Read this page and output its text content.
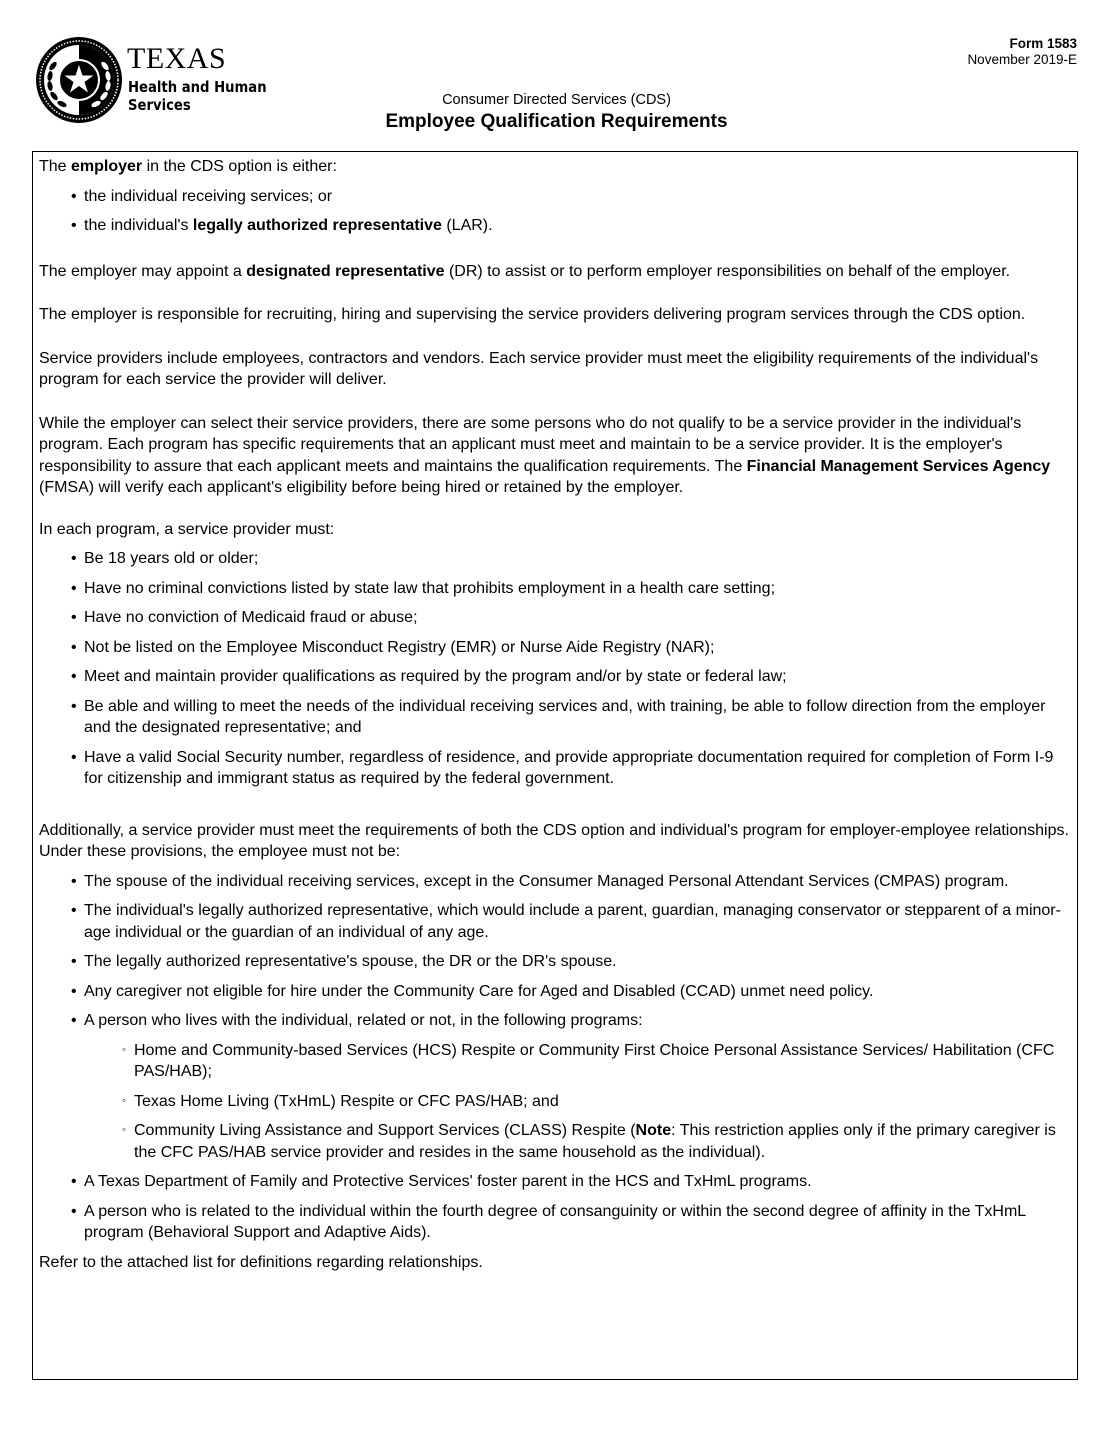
TEXAS
Health and Human
Services
Form 1583
November 2019-E
Consumer Directed Services (CDS)
Employee Qualification Requirements

The employer in the CDS option is either:

• the individual receiving services; or
• the individual's legally authorized representative (LAR).

The employer may appoint a designated representative (DR) to assist or to perform employer responsibilities on behalf of the employer.

The employer is responsible for recruiting, hiring and supervising the service providers delivering program services through the CDS option.

Service providers include employees, contractors and vendors. Each service provider must meet the eligibility requirements of the individual's program for each service the provider will deliver.

While the employer can select their service providers, there are some persons who do not qualify to be a service provider in the individual's program. Each program has specific requirements that an applicant must meet and maintain to be a service provider. It is the employer's responsibility to assure that each applicant meets and maintains the qualification requirements. The Financial Management Services Agency (FMSA) will verify each applicant's eligibility before being hired or retained by the employer.

In each program, a service provider must:

• Be 18 years old or older;
• Have no criminal convictions listed by state law that prohibits employment in a health care setting;
• Have no conviction of Medicaid fraud or abuse;
• Not be listed on the Employee Misconduct Registry (EMR) or Nurse Aide Registry (NAR);
• Meet and maintain provider qualifications as required by the program and/or by state or federal law;
• Be able and willing to meet the needs of the individual receiving services and, with training, be able to follow direction from the employer and the designated representative; and
• Have a valid Social Security number, regardless of residence, and provide appropriate documentation required for completion of Form I-9 for citizenship and immigrant status as required by the federal government.

Additionally, a service provider must meet the requirements of both the CDS option and individual's program for employer-employee relationships. Under these provisions, the employee must not be:

• The spouse of the individual receiving services, except in the Consumer Managed Personal Attendant Services (CMPAS) program.
• The individual's legally authorized representative, which would include a parent, guardian, managing conservator or stepparent of a minor-age individual or the guardian of an individual of any age.
• The legally authorized representative's spouse, the DR or the DR's spouse.
• Any caregiver not eligible for hire under the Community Care for Aged and Disabled (CCAD) unmet need policy.
• A person who lives with the individual, related or not, in the following programs:
◦ Home and Community-based Services (HCS) Respite or Community First Choice Personal Assistance Services/ Habilitation (CFC PAS/HAB);
◦ Texas Home Living (TxHmL) Respite or CFC PAS/HAB; and
◦ Community Living Assistance and Support Services (CLASS) Respite (Note: This restriction applies only if the primary caregiver is the CFC PAS/HAB service provider and resides in the same household as the individual).
• A Texas Department of Family and Protective Services' foster parent in the HCS and TxHmL programs.
• A person who is related to the individual within the fourth degree of consanguinity or within the second degree of affinity in the TxHmL program (Behavioral Support and Adaptive Aids).

Refer to the attached list for definitions regarding relationships.
